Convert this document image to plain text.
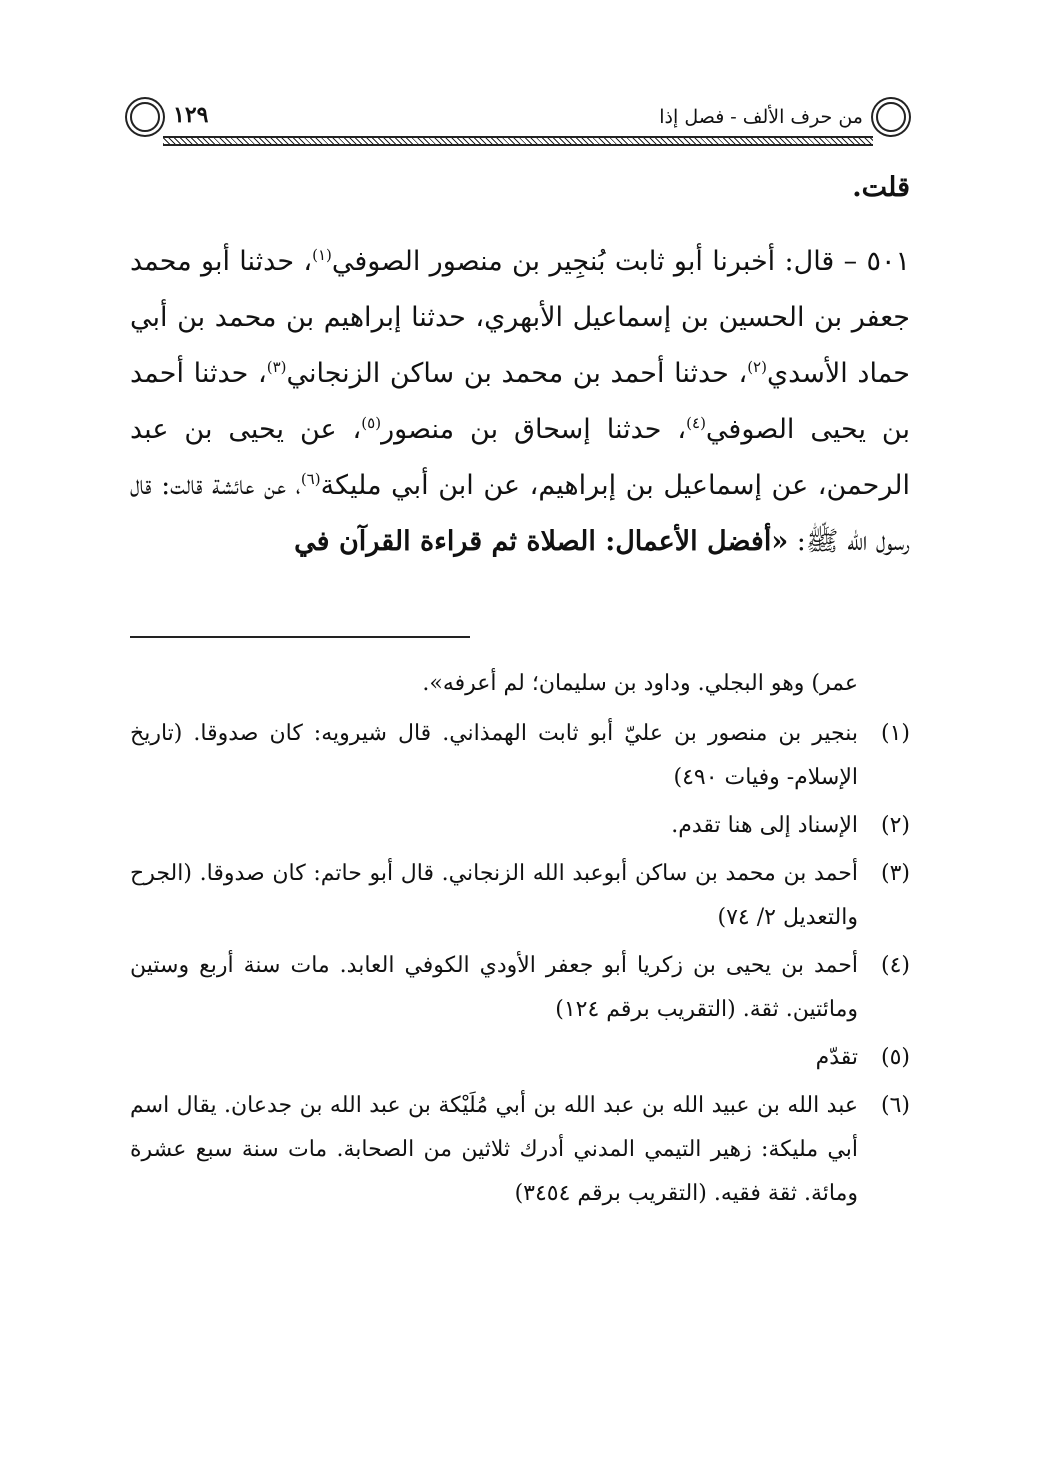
من حرف الألف - فصل إذا
١٢٩

قلت.

٥٠١ – قال: أخبرنا أبو ثابت بُنجِير بن منصور الصوفي$^{(١)}$، حدثنا أبو محمد جعفر بن الحسين بن إسماعيل الأبهري، حدثنا إبراهيم بن محمد بن أبي حماد الأسدي$^{(٢)}$، حدثنا أحمد بن محمد بن ساكن الزنجاني$^{(٣)}$، حدثنا أحمد بن يحيى الصوفي$^{(٤)}$، حدثنا إسحاق بن منصور$^{(٥)}$، عن يحيى بن عبد الرحمن، عن إسماعيل بن إبراهيم، عن ابن أبي مليكة$^{(٦)}$، عن عائشة قالت: قال رسول الله ﷺ: «أفضل الأعمال: الصلاة ثم قراءة القرآن في

عمر) وهو البجلي. وداود بن سليمان؛ لم أعرفه».
(١)
بنجير بن منصور بن عليّ أبو ثابت الهمذاني. قال شيرويه: كان صدوقا. (تاريخ الإسلام- وفيات ٤٩٠)
(٢)
الإسناد إلى هنا تقدم.
(٣)
أحمد بن محمد بن ساكن أبوعبد الله الزنجاني. قال أبو حاتم: كان صدوقا. (الجرح والتعديل ٢/ ٧٤)
(٤)
أحمد بن يحيى بن زكريا أبو جعفر الأودي الكوفي العابد. مات سنة أربع وستين ومائتين. ثقة. (التقريب برقم ١٢٤)
(٥)
تقدّم
(٦)
عبد الله بن عبيد الله بن عبد الله بن أبي مُلَيْكة بن عبد الله بن جدعان. يقال اسم أبي مليكة: زهير التيمي المدني أدرك ثلاثين من الصحابة. مات سنة سبع عشرة ومائة. ثقة فقيه. (التقريب برقم ٣٤٥٤)
